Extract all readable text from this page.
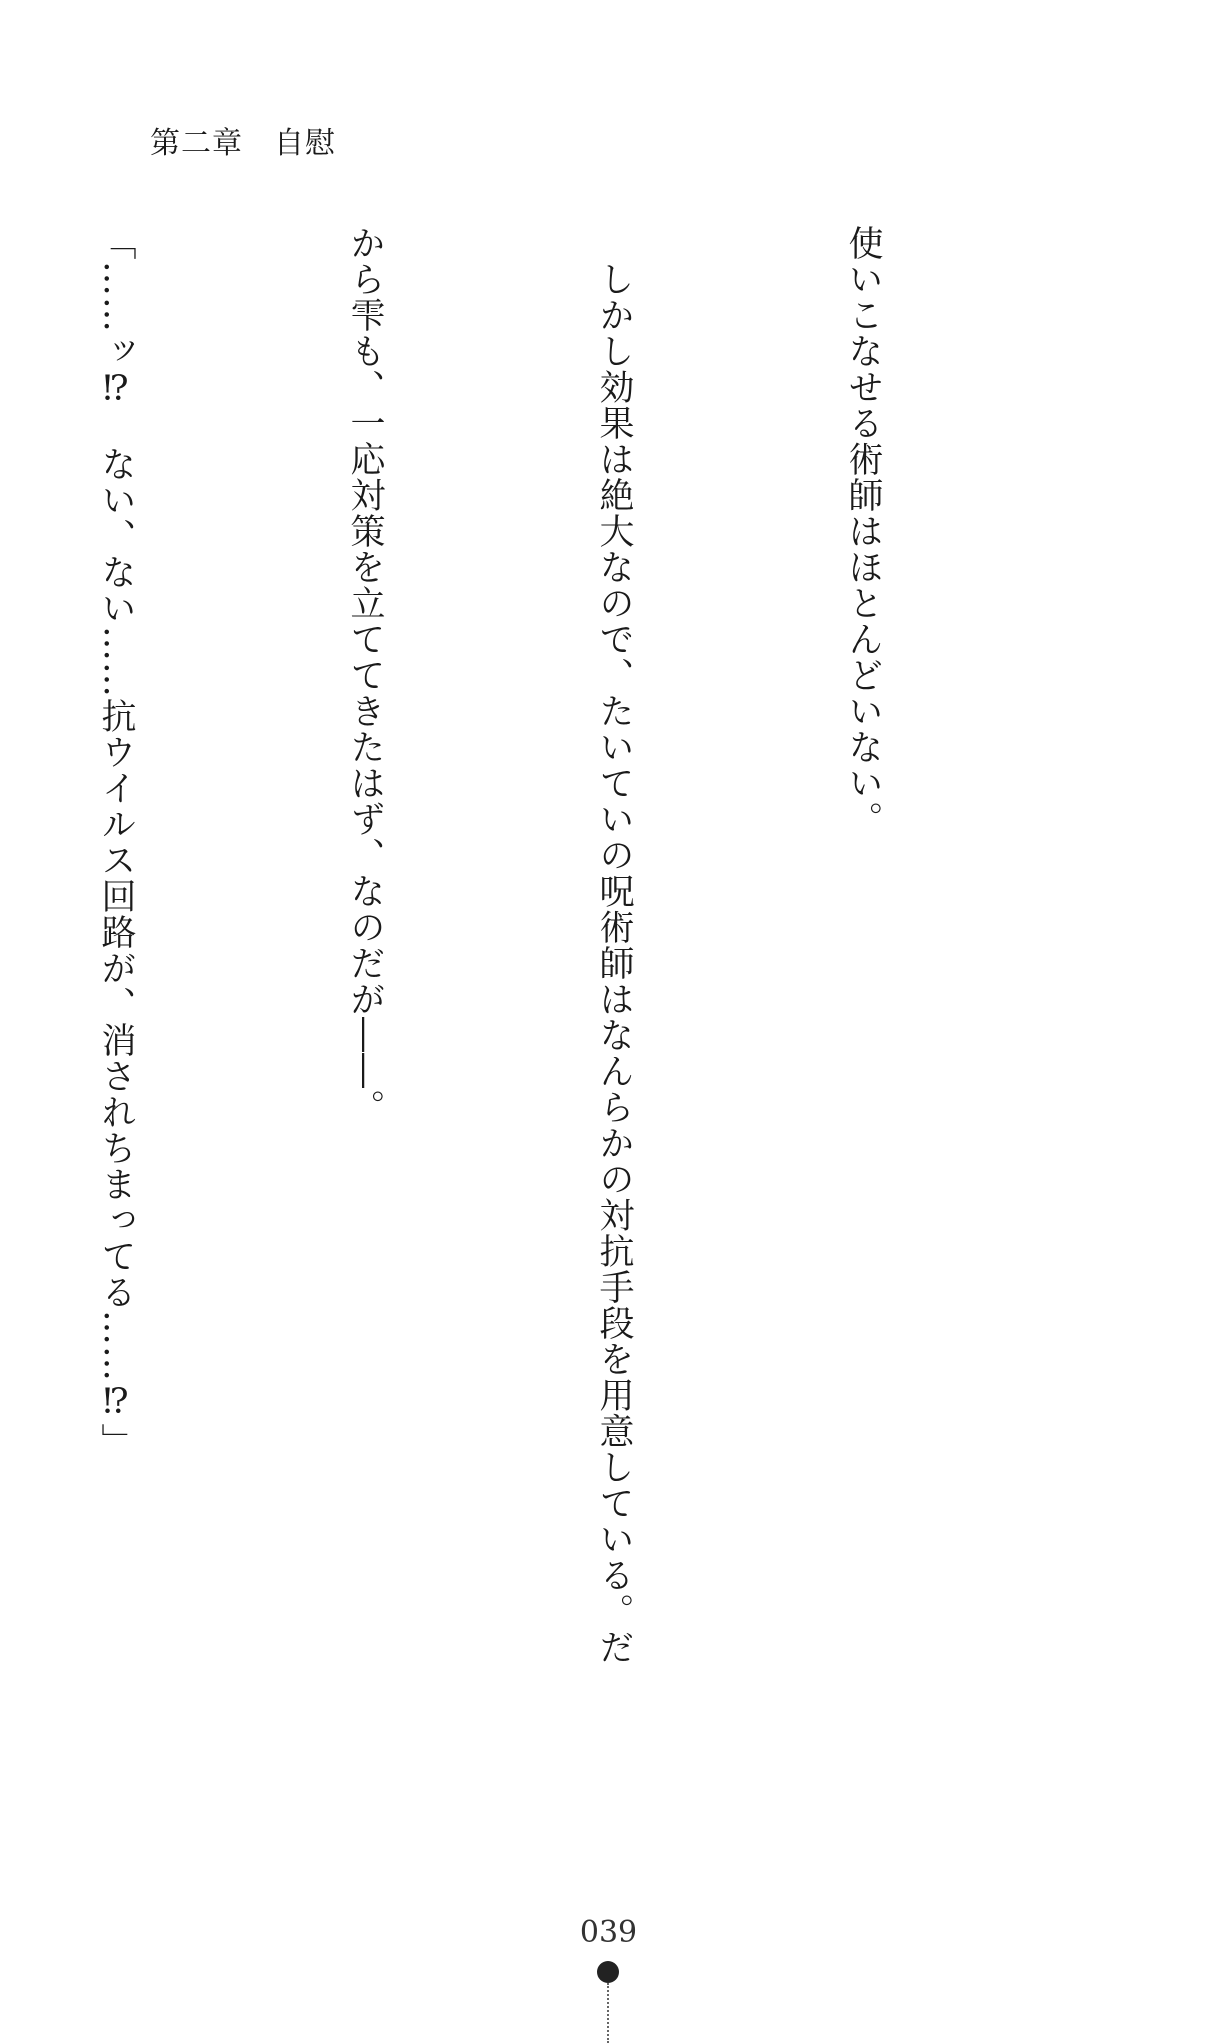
第二章　自慰

使いこなせる術師はほとんどいない。

　しかし効果は絶大なので、たいていの呪術師はなんらかの対抗手段を用意している。だ

から雫も、一応対策を立ててきたはず、なのだが――。

「……ッ⁉　ない、ない……抗ウイルス回路が、消されちまってる……⁉」

039
